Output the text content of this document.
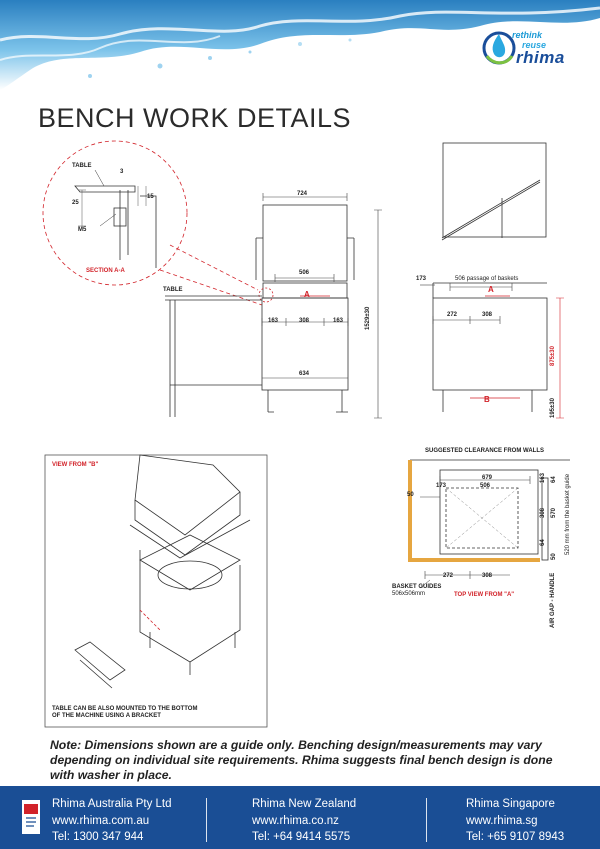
rethink
reuse
rhima
BENCH WORK DETAILS
TABLE
M5
3
25
15
SECTION A-A
TABLE
724
506
A
163	308	163
634
1529±30
173	506 passage of baskets
A
272	308
875±30
B	195±30
VIEW FROM "B"
TABLE CAN BE ALSO MOUNTED TO THE BOTTOM
OF THE MACHINE USING A BRACKET
SUGGESTED CLEARANCE FROM WALLS
50
173
679
506
163 64
308 570
64	520 mm from the basket guide
50
272	308	AIR GAP - HANDLE
BASKET GUIDES
506x506mm	TOP VIEW FROM "A"
Note: Dimensions shown are a guide only. Benching design/measurements may vary depending on individual site requirements. Rhima suggests final bench design is done with washer in place.
Rhima Australia Pty Ltd
www.rhima.com.au
Tel: 1300 347 944
Rhima New Zealand
www.rhima.co.nz
Tel: +64 9414 5575
Rhima Singapore
www.rhima.sg
Tel: +65 9107 8943
